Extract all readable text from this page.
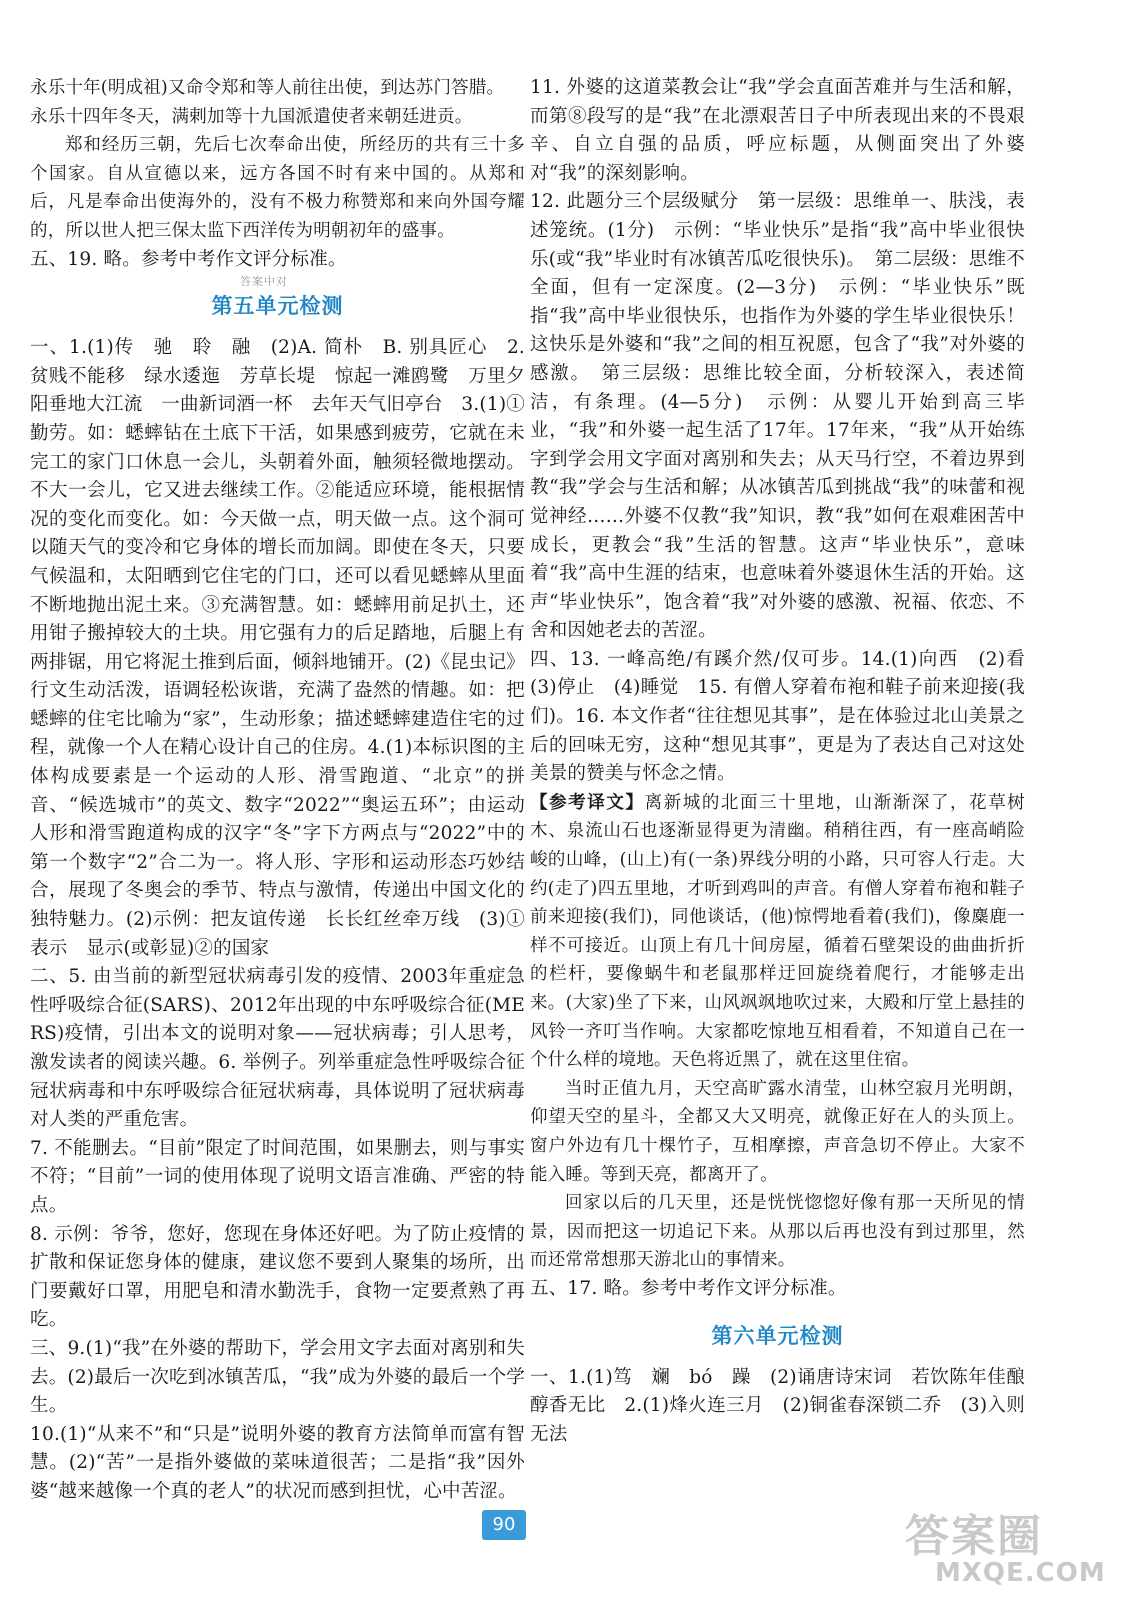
永乐十年(明成祖)又命令郑和等人前往出使，到达苏门答腊。

永乐十四年冬天，满剌加等十九国派遣使者来朝廷进贡。

郑和经历三朝，先后七次奉命出使，所经历的共有三十多个国家。自从宣德以来，远方各国不时有来中国的。从郑和后，凡是奉命出使海外的，没有不极力称赞郑和来向外国夸耀的，所以世人把三保太监下西洋传为明朝初年的盛事。

五、19. 略。参考中考作文评分标准。

第五单元检测

一、1.(1)传　驰　聆　融　(2)A. 简朴　B. 别具匠心　2. 贫贱不能移　绿水逶迤　芳草长堤　惊起一滩鸥鹭　万里夕阳垂地大江流　一曲新词酒一杯　去年天气旧亭台　3.(1)①勤劳。如：蟋蟀钻在土底下干活，如果感到疲劳，它就在未完工的家门口休息一会儿，头朝着外面，触须轻微地摆动。不大一会儿，它又进去继续工作。②能适应环境，能根据情况的变化而变化。如：今天做一点，明天做一点。这个洞可以随天气的变冷和它身体的增长而加阔。即使在冬天，只要气候温和，太阳晒到它住宅的门口，还可以看见蟋蟀从里面不断地抛出泥土来。③充满智慧。如：蟋蟀用前足扒土，还用钳子搬掉较大的土块。用它强有力的后足踏地，后腿上有两排锯，用它将泥土推到后面，倾斜地铺开。(2)《昆虫记》行文生动活泼，语调轻松诙谐，充满了盎然的情趣。如：把蟋蟀的住宅比喻为“家”，生动形象；描述蟋蟀建造住宅的过程，就像一个人在精心设计自己的住房。4.(1)本标识图的主体构成要素是一个运动的人形、滑雪跑道、“北京”的拼音、“候选城市”的英文、数字“2022”“奥运五环”；由运动人形和滑雪跑道构成的汉字“冬”字下方两点与“2022”中的第一个数字“2”合二为一。将人形、字形和运动形态巧妙结合，展现了冬奥会的季节、特点与激情，传递出中国文化的独特魅力。(2)示例：把友谊传递　长长红丝牵万线　(3)①表示　显示(或彰显)②的国家

二、5. 由当前的新型冠状病毒引发的疫情、2003年重症急性呼吸综合征(SARS)、2012年出现的中东呼吸综合征(MERS)疫情，引出本文的说明对象——冠状病毒；引人思考，激发读者的阅读兴趣。6. 举例子。列举重症急性呼吸综合征冠状病毒和中东呼吸综合征冠状病毒，具体说明了冠状病毒对人类的严重危害。

7. 不能删去。“目前”限定了时间范围，如果删去，则与事实不符；“目前”一词的使用体现了说明文语言准确、严密的特点。

8. 示例：爷爷，您好，您现在身体还好吧。为了防止疫情的扩散和保证您身体的健康，建议您不要到人聚集的场所，出门要戴好口罩，用肥皂和清水勤洗手，食物一定要煮熟了再吃。

三、9.(1)“我”在外婆的帮助下，学会用文字去面对离别和失去。(2)最后一次吃到冰镇苦瓜，“我”成为外婆的最后一个学生。

10.(1)“从来不”和“只是”说明外婆的教育方法简单而富有智慧。(2)“苦”一是指外婆做的菜味道很苦；二是指“我”因外婆“越来越像一个真的老人”的状况而感到担忧，心中苦涩。

答案中对

11. 外婆的这道菜教会让“我”学会直面苦难并与生活和解，而第⑧段写的是“我”在北漂艰苦日子中所表现出来的不畏艰辛、自立自强的品质，呼应标题，从侧面突出了外婆对“我”的深刻影响。

12. 此题分三个层级赋分　第一层级：思维单一、肤浅，表述笼统。(1分)　示例：“毕业快乐”是指“我”高中毕业很快乐(或“我”毕业时有冰镇苦瓜吃很快乐)。　第二层级：思维不全面，但有一定深度。(2—3分)　示例：“毕业快乐”既指“我”高中毕业很快乐，也指作为外婆的学生毕业很快乐！这快乐是外婆和“我”之间的相互祝愿，包含了“我”对外婆的感激。　第三层级：思维比较全面，分析较深入，表述简洁，有条理。(4—5分)　示例：从婴儿开始到高三毕业，“我”和外婆一起生活了17年。17年来，“我”从开始练字到学会用文字面对离别和失去；从天马行空，不着边界到教“我”学会与生活和解；从冰镇苦瓜到挑战“我”的味蕾和视觉神经……外婆不仅教“我”知识，教“我”如何在艰难困苦中成长，更教会“我”生活的智慧。这声“毕业快乐”，意味着“我”高中生涯的结束，也意味着外婆退休生活的开始。这声“毕业快乐”，饱含着“我”对外婆的感激、祝福、依恋、不舍和因她老去的苦涩。

四、13. 一峰高绝/有蹊介然/仅可步。14.(1)向西　(2)看(3)停止　(4)睡觉　15. 有僧人穿着布袍和鞋子前来迎接(我们)。16. 本文作者“往往想见其事”，是在体验过北山美景之后的回味无穷，这种“想见其事”，更是为了表达自己对这处美景的赞美与怀念之情。

【参考译文】离新城的北面三十里地，山渐渐深了，花草树木、泉流山石也逐渐显得更为清幽。稍稍往西，有一座高峭险峻的山峰，(山上)有(一条)界线分明的小路，只可容人行走。大约(走了)四五里地，才听到鸡叫的声音。有僧人穿着布袍和鞋子前来迎接(我们)，同他谈话，(他)惊愕地看着(我们)，像麋鹿一样不可接近。山顶上有几十间房屋，循着石壁架设的曲曲折折的栏杆，要像蜗牛和老鼠那样迂回旋绕着爬行，才能够走出来。(大家)坐了下来，山风飒飒地吹过来，大殿和厅堂上悬挂的风铃一齐叮当作响。大家都吃惊地互相看着，不知道自己在一个什么样的境地。天色将近黑了，就在这里住宿。

当时正值九月，天空高旷露水清莹，山林空寂月光明朗，仰望天空的星斗，全都又大又明亮，就像正好在人的头顶上。窗户外边有几十棵竹子，互相摩擦，声音急切不停止。大家不能入睡。等到天亮，都离开了。

回家以后的几天里，还是恍恍惚惚好像有那一天所见的情景，因而把这一切追记下来。从那以后再也没有到过那里，然而还常常想那天游北山的事情来。

五、17. 略。参考中考作文评分标准。

第六单元检测

一、1.(1)笃　斓　bó　躁　(2)诵唐诗宋词　若饮陈年佳酿　醇香无比　2.(1)烽火连三月　(2)铜雀春深锁二乔　(3)入则无法

90	答案圈
MXQE.COM
